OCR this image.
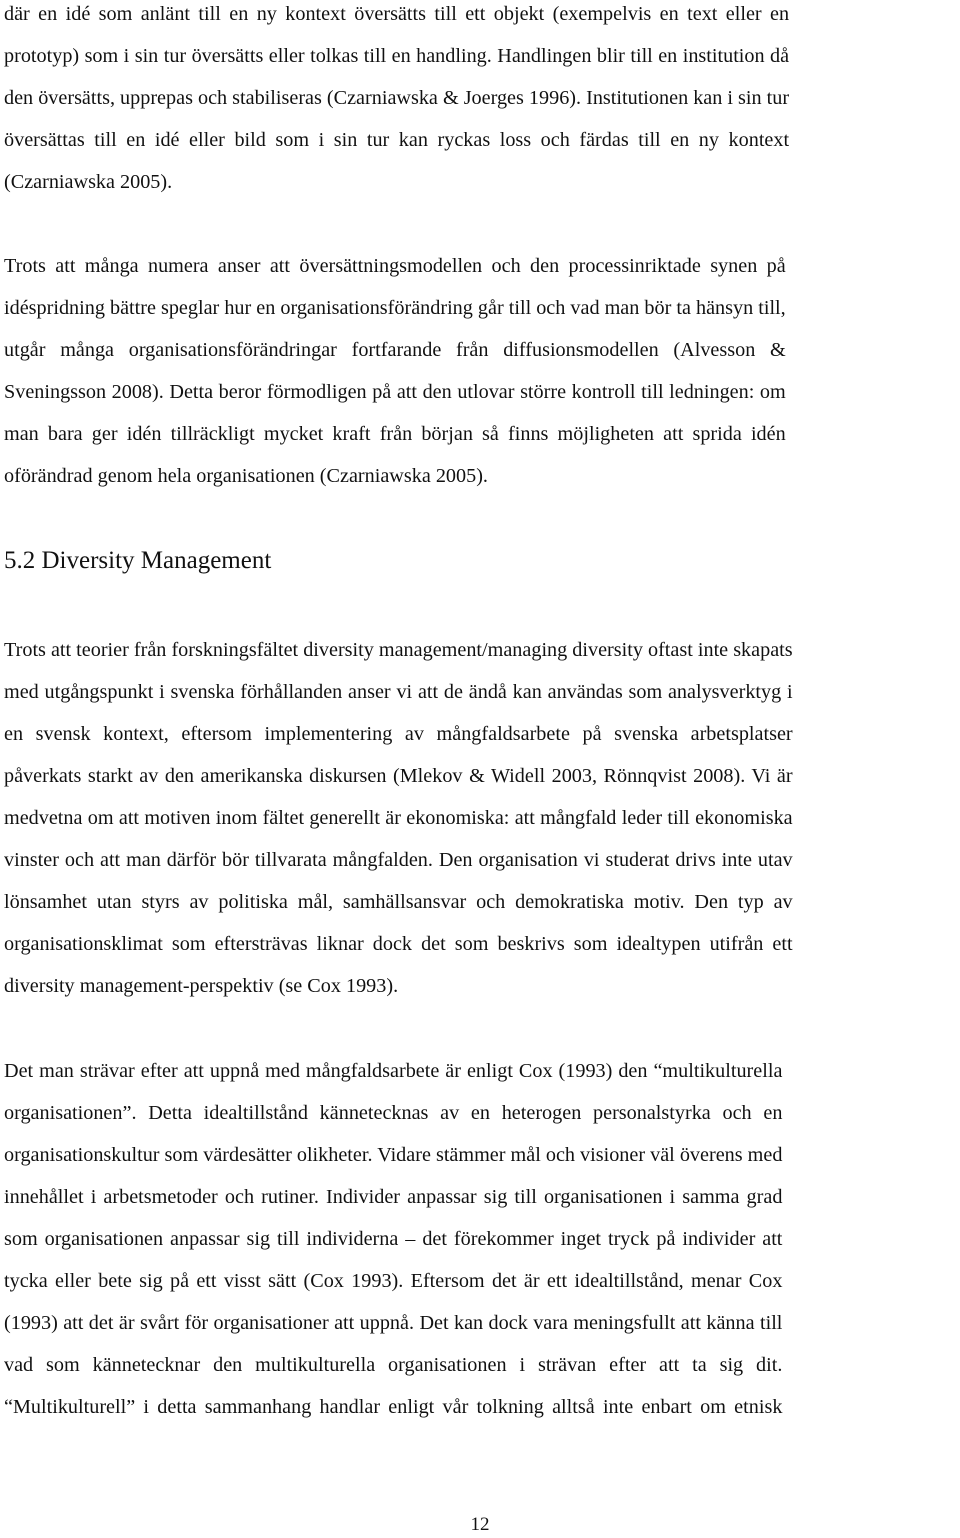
där en idé som anlänt till en ny kontext översätts till ett objekt (exempelvis en text eller en
prototyp) som i sin tur översätts eller tolkas till en handling. Handlingen blir till en institution då
den översätts, upprepas och stabiliseras (Czarniawska & Joerges 1996). Institutionen kan i sin tur
översättas till en idé eller bild som i sin tur kan ryckas loss och färdas till en ny kontext
(Czarniawska 2005).
Trots att många numera anser att översättningsmodellen och den processinriktade synen på
idéspridning bättre speglar hur en organisationsförändring går till och vad man bör ta hänsyn till,
utgår många organisationsförändringar fortfarande från diffusionsmodellen (Alvesson &
Sveningsson 2008). Detta beror förmodligen på att den utlovar större kontroll till ledningen: om
man bara ger idén tillräckligt mycket kraft från början så finns möjligheten att sprida idén
oförändrad genom hela organisationen (Czarniawska 2005).
5.2 Diversity Management
Trots att teorier från forskningsfältet diversity management/managing diversity oftast inte skapats
med utgångspunkt i svenska förhållanden anser vi att de ändå kan användas som analysverktyg i
en svensk kontext, eftersom implementering av mångfaldsarbete på svenska arbetsplatser
påverkats starkt av den amerikanska diskursen (Mlekov & Widell 2003, Rönnqvist 2008). Vi är
medvetna om att motiven inom fältet generellt är ekonomiska: att mångfald leder till ekonomiska
vinster och att man därför bör tillvarata mångfalden. Den organisation vi studerat drivs inte utav
lönsamhet utan styrs av politiska mål, samhällsansvar och demokratiska motiv. Den typ av
organisationsklimat som eftersträvas liknar dock det som beskrivs som idealtypen utifrån ett
diversity management-perspektiv (se Cox 1993).
Det man strävar efter att uppnå med mångfaldsarbete är enligt Cox (1993) den “multikulturella
organisationen”. Detta idealtillstånd kännetecknas av en heterogen personalstyrka och en
organisationskultur som värdesätter olikheter. Vidare stämmer mål och visioner väl överens med
innehållet i arbetsmetoder och rutiner. Individer anpassar sig till organisationen i samma grad
som organisationen anpassar sig till individerna – det förekommer inget tryck på individer att
tycka eller bete sig på ett visst sätt (Cox 1993). Eftersom det är ett idealtillstånd, menar Cox
(1993) att det är svårt för organisationer att uppnå. Det kan dock vara meningsfullt att känna till
vad som kännetecknar den multikulturella organisationen i strävan efter att ta sig dit.
“Multikulturell” i detta sammanhang handlar enligt vår tolkning alltså inte enbart om etnisk
12
